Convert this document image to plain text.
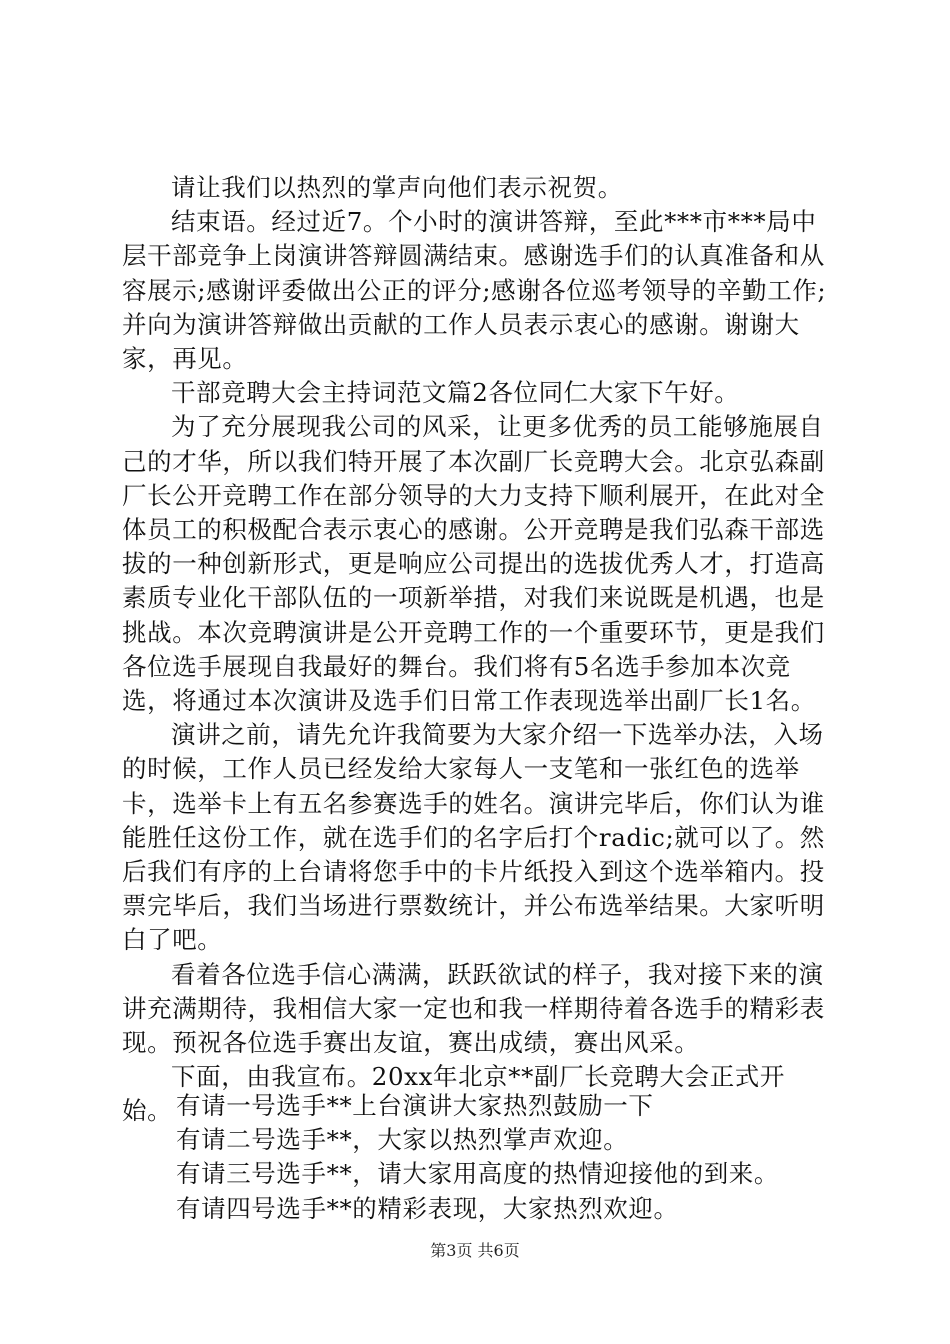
请让我们以热烈的掌声向他们表示祝贺。

结束语。经过近7。个小时的演讲答辩，至此***市***局中层干部竞争上岗演讲答辩圆满结束。感谢选手们的认真准备和从容展示;感谢评委做出公正的评分;感谢各位巡考领导的辛勤工作;并向为演讲答辩做出贡献的工作人员表示衷心的感谢。谢谢大家，再见。

干部竞聘大会主持词范文篇2各位同仁大家下午好。

为了充分展现我公司的风采，让更多优秀的员工能够施展自己的才华，所以我们特开展了本次副厂长竞聘大会。北京弘森副厂长公开竞聘工作在部分领导的大力支持下顺利展开，在此对全体员工的积极配合表示衷心的感谢。公开竞聘是我们弘森干部选拔的一种创新形式，更是响应公司提出的选拔优秀人才，打造高素质专业化干部队伍的一项新举措，对我们来说既是机遇，也是挑战。本次竞聘演讲是公开竞聘工作的一个重要环节，更是我们各位选手展现自我最好的舞台。我们将有5名选手参加本次竞选，将通过本次演讲及选手们日常工作表现选举出副厂长1名。

演讲之前，请先允许我简要为大家介绍一下选举办法，入场的时候，工作人员已经发给大家每人一支笔和一张红色的选举卡，选举卡上有五名参赛选手的姓名。演讲完毕后，你们认为谁能胜任这份工作，就在选手们的名字后打个radic;就可以了。然后我们有序的上台请将您手中的卡片纸投入到这个选举箱内。投票完毕后，我们当场进行票数统计，并公布选举结果。大家听明白了吧。

看着各位选手信心满满，跃跃欲试的样子，我对接下来的演讲充满期待，我相信大家一定也和我一样期待着各选手的精彩表现。预祝各位选手赛出友谊，赛出成绩，赛出风采。

下面，由我宣布。20xx年北京**副厂长竞聘大会正式开始。 有请一号选手**上台演讲大家热烈鼓励一下
有请二号选手**，大家以热烈掌声欢迎。
有请三号选手**，请大家用高度的热情迎接他的到来。
有请四号选手**的精彩表现，大家热烈欢迎。
第3页 共6页
